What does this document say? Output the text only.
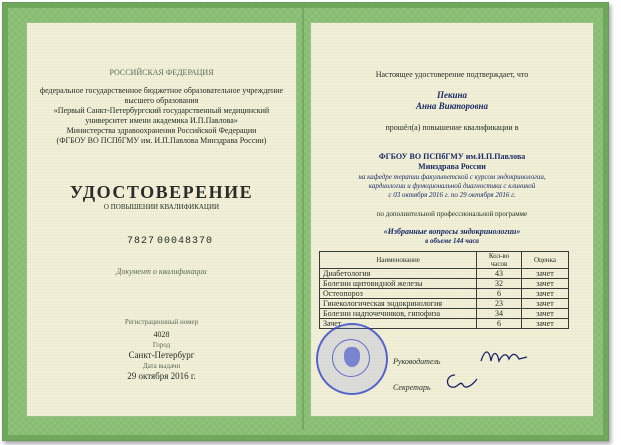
РОССИЙСКАЯ ФЕДЕРАЦИЯ
федеральное государственное бюджетное образовательное учреждение
высшего образования
«Первый Санкт-Петербургский государственный медицинский
университет имени академика И.П.Павлова»
Министерства здравоохранения Российской Федерации
(ФГБОУ ВО ПСПбГМУ им. И.П.Павлова Минздрава России)
УДОСТОВЕРЕНИЕ
О ПОВЫШЕНИИ КВАЛИФИКАЦИИ
7827 00048370
Документ о квалификации
Регистрационный номер
4028
Город
Санкт-Петербург
Дата выдачи
29 октября 2016 г.
Настоящее удостоверение подтверждает, что
Пекина
Анна Викторовна
прошёл(а) повышение квалификации в
ФГБОУ ВО ПСПбГМУ им.И.П.Павлова
Минздрава России
на кафедре терапии факультетской с курсом эндокринологии,
кардиологии и функциональной диагностики с клиникой
с 03 октября 2016 г. по 29 октября 2016 г.
по дополнительной профессиональной программе
«Избранные вопросы эндокринологии»
в объеме 144 часа
Наименование	Кол-во часов	Оценка
Диабетология	43	зачет
Болезни щитовидной железы	32	зачет
Остеопороз	6	зачет
Гинекологическая эндокринология	23	зачет
Болезни надпочечников, гипофиза	34	зачет
Зачет	6	зачет
Руководитель
Секретарь
